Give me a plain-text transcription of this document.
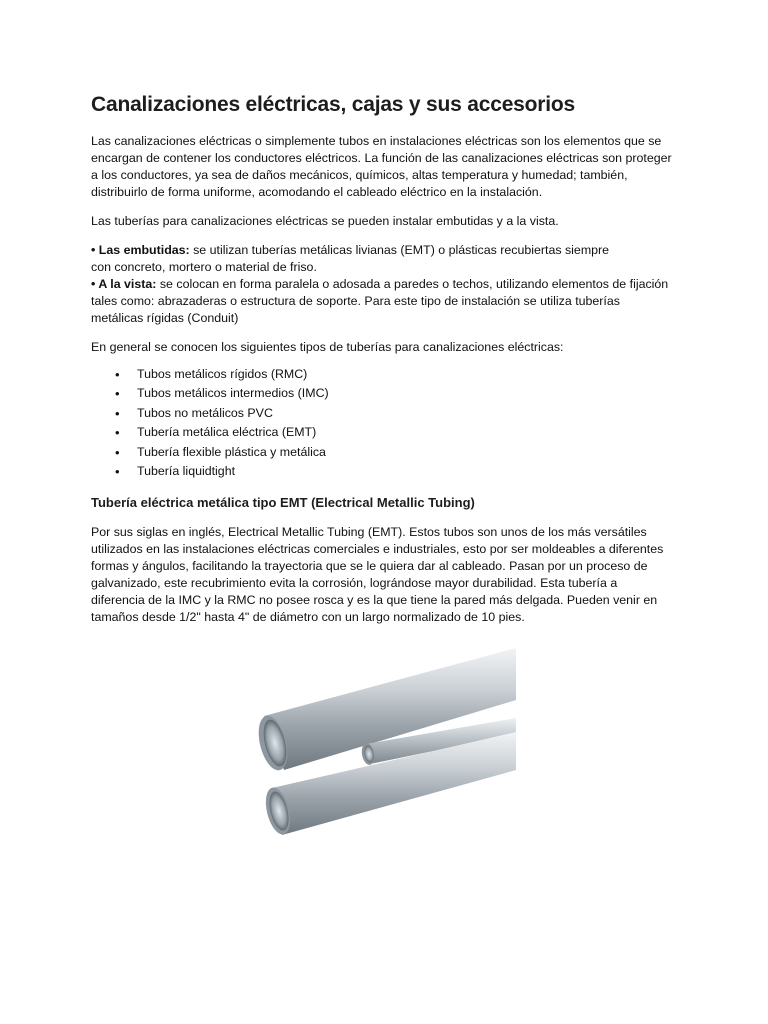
Canalizaciones eléctricas, cajas y sus accesorios

Las canalizaciones eléctricas o simplemente tubos en instalaciones eléctricas son los elementos que se
encargan de contener los conductores eléctricos. La función de las canalizaciones eléctricas son proteger
a los conductores, ya sea de daños mecánicos, químicos, altas temperatura y humedad; también,
distribuirlo de forma uniforme, acomodando el cableado eléctrico en la instalación.

Las tuberías para canalizaciones eléctricas se pueden instalar embutidas y a la vista.

• Las embutidas: se utilizan tuberías metálicas livianas (EMT) o plásticas recubiertas siempre
con concreto, mortero o material de friso.

• A la vista: se colocan en forma paralela o adosada a paredes o techos, utilizando elementos de fijación
tales como: abrazaderas o estructura de soporte. Para este tipo de instalación se utiliza tuberías
metálicas rígidas (Conduit)

En general se conocen los siguientes tipos de tuberías para canalizaciones eléctricas:

• Tubos metálicos rígidos (RMC)
• Tubos metálicos intermedios (IMC)
• Tubos no metálicos PVC
• Tubería metálica eléctrica (EMT)
• Tubería flexible plástica y metálica
• Tubería liquidtight
Tubería eléctrica metálica tipo EMT (Electrical Metallic Tubing)

Por sus siglas en inglés, Electrical Metallic Tubing (EMT). Estos tubos son unos de los más versátiles
utilizados en las instalaciones eléctricas comerciales e industriales, esto por ser moldeables a diferentes
formas y ángulos, facilitando la trayectoria que se le quiera dar al cableado. Pasan por un proceso de
galvanizado, este recubrimiento evita la corrosión, lográndose mayor durabilidad. Esta tubería a
diferencia de la IMC y la RMC no posee rosca y es la que tiene la pared más delgada. Pueden venir en
tamaños desde 1/2" hasta 4" de diámetro con un largo normalizado de 10 pies.
